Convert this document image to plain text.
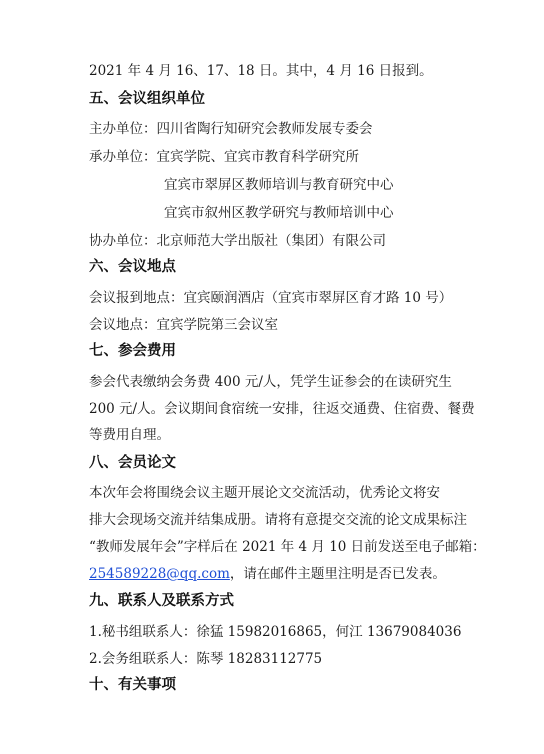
2021 年 4 月 16、17、18 日。其中，4 月 16 日报到。
五、会议组织单位
主办单位：四川省陶行知研究会教师发展专委会
承办单位：宜宾学院、宜宾市教育科学研究所
宜宾市翠屏区教师培训与教育研究中心
宜宾市叙州区教学研究与教师培训中心
协办单位：北京师范大学出版社（集团）有限公司
六、会议地点
会议报到地点：宜宾颐润酒店（宜宾市翠屏区育才路 10 号）
会议地点：宜宾学院第三会议室
七、参会费用
参会代表缴纳会务费 400 元/人，凭学生证参会的在读研究生
200 元/人。会议期间食宿统一安排，往返交通费、住宿费、餐费
等费用自理。
八、会员论文
本次年会将围绕会议主题开展论文交流活动，优秀论文将安
排大会现场交流并结集成册。请将有意提交交流的论文成果标注
“教师发展年会”字样后在 2021 年 4 月 10 日前发送至电子邮箱：
254589228@qq.com，请在邮件主题里注明是否已发表。
九、联系人及联系方式
1.秘书组联系人：徐猛 15982016865，何江 13679084036
2.会务组联系人：陈琴 18283112775
十、有关事项
